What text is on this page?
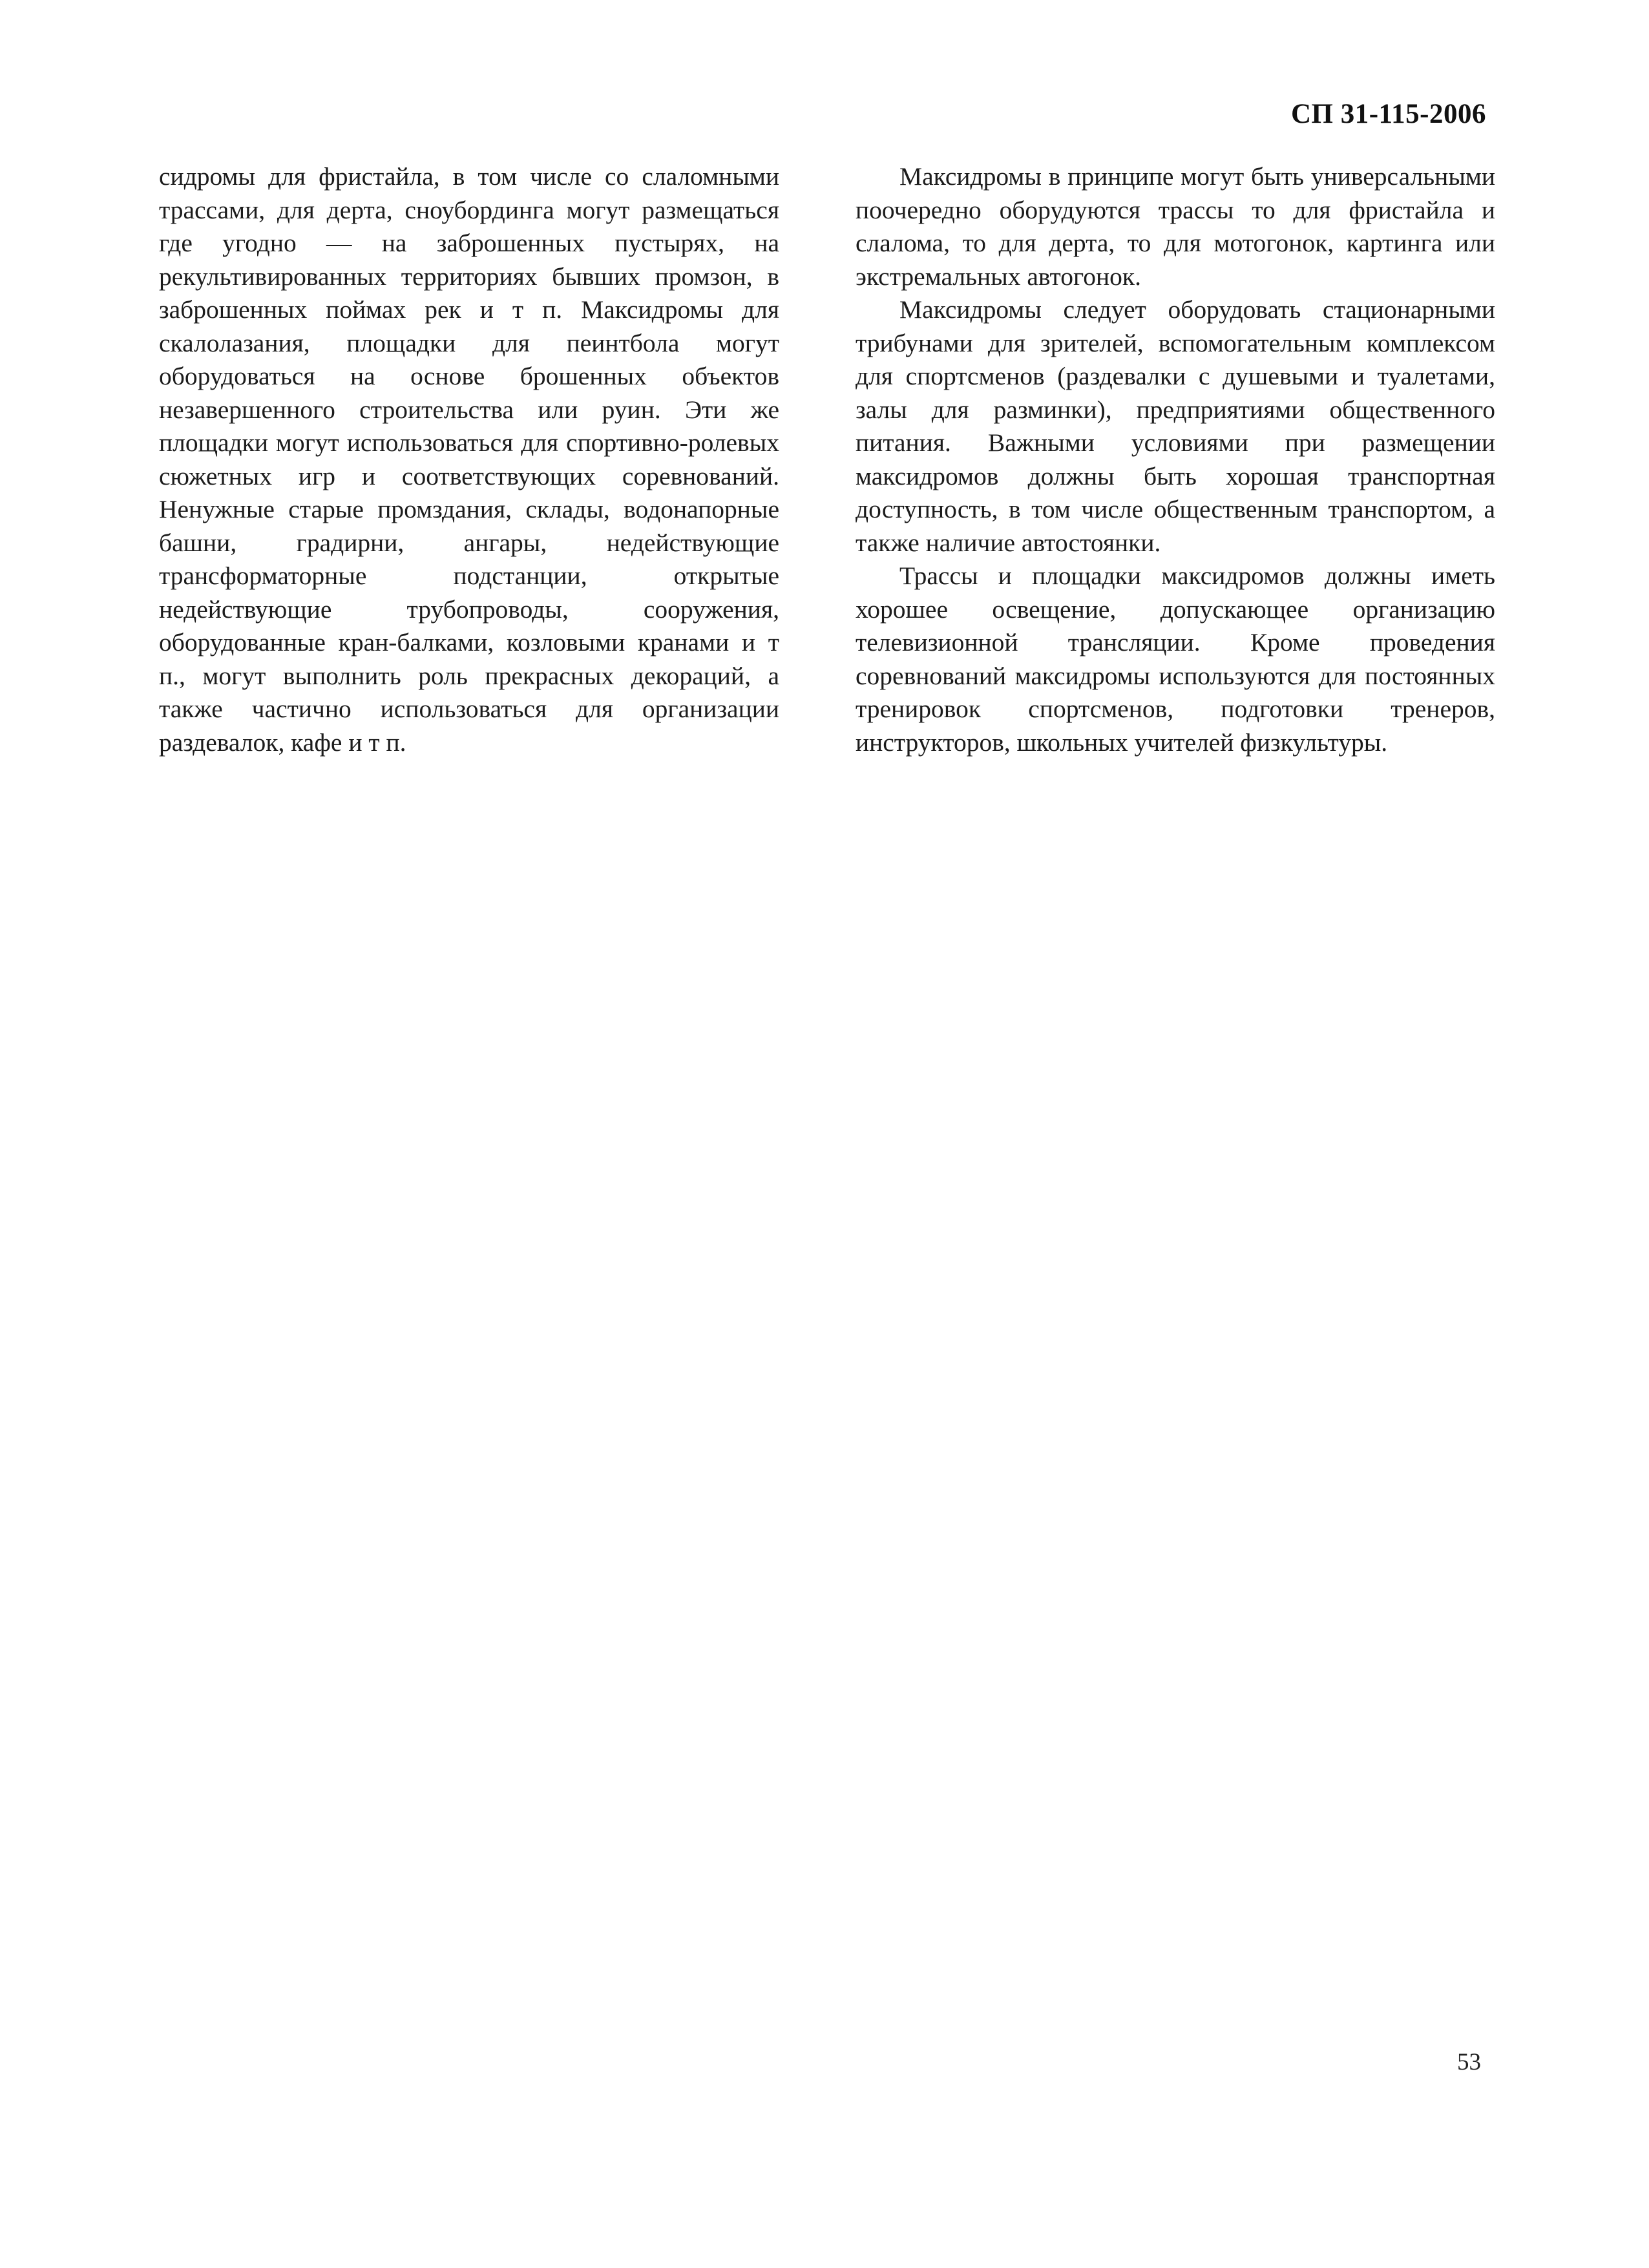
СП 31-115-2006

сидромы для фристайла, в том числе со слаломными трассами, для дерта, сноубординга могут размещаться где угодно — на заброшенных пустырях, на рекультивированных территориях бывших промзон, в заброшенных поймах рек и т п. Максидромы для скалолазания, площадки для пеинтбола могут оборудоваться на основе брошенных объектов незавершенного строительства или руин. Эти же площадки могут использоваться для спортивно-ролевых сюжетных игр и соответствующих соревнований. Ненужные старые промздания, склады, водонапорные башни, градирни, ангары, недействующие трансформаторные подстанции, открытые недействующие трубопроводы, сооружения, оборудованные кран-балками, козловыми кранами и т п., могут выполнить роль прекрасных декораций, а также частично использоваться для организации раздевалок, кафе и т п.

Максидромы в принципе могут быть универсальными поочередно оборудуются трассы то для фристайла и слалома, то для дерта, то для мотогонок, картинга или экстремальных автогонок.

Максидромы следует оборудовать стационарными трибунами для зрителей, вспомогательным комплексом для спортсменов (раздевалки с душевыми и туалетами, залы для разминки), предприятиями общественного питания. Важными условиями при размещении максидромов должны быть хорошая транспортная доступность, в том числе общественным транспортом, а также наличие автостоянки.

Трассы и площадки максидромов должны иметь хорошее освещение, допускающее организацию телевизионной трансляции. Кроме проведения соревнований максидромы используются для постоянных тренировок спортсменов, подготовки тренеров, инструкторов, школьных учителей физкультуры.

53
